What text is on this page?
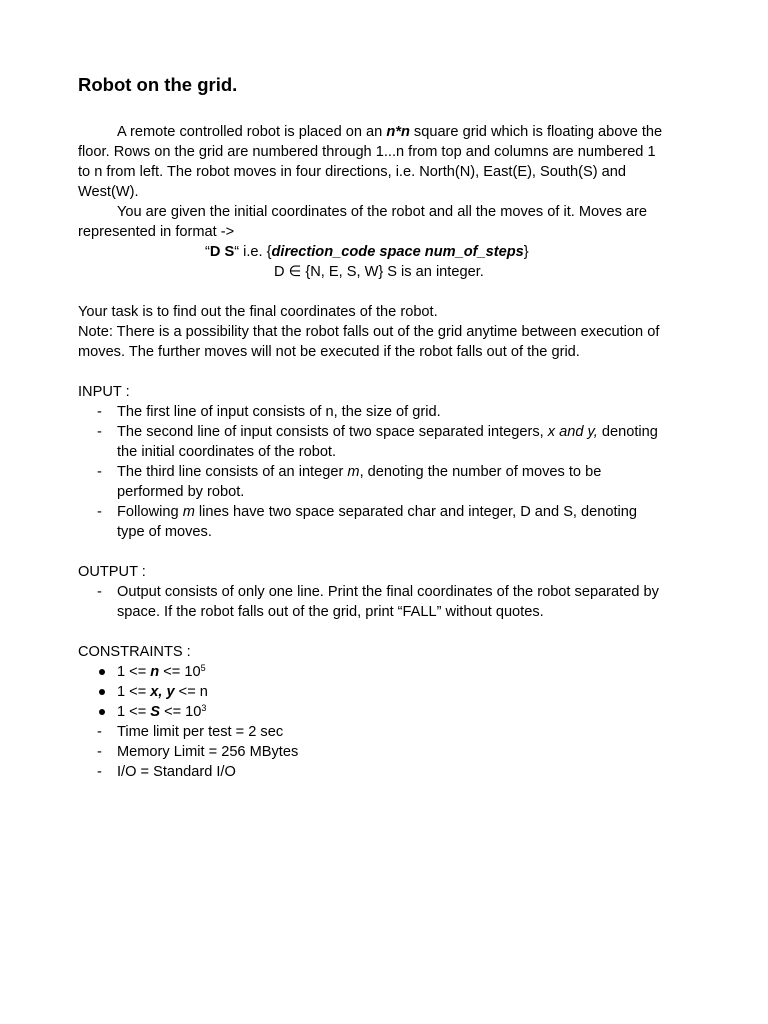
Robot on the grid.
A remote controlled robot is placed on an n*n square grid which is floating above the
floor. Rows on the grid are numbered through 1...n from top and columns are numbered 1
to n from left. The robot moves in four directions, i.e. North(N), East(E), South(S) and
West(W).
You are given the initial coordinates of the robot and all the moves of it. Moves are
represented in format ->
“D S“ i.e. {direction_code space num_of_steps}
D ∈ {N, E, S, W} S is an integer.
Your task is to find out the final coordinates of the robot.
Note: There is a possibility that the robot falls out of the grid anytime between execution of
moves. The further moves will not be executed if the robot falls out of the grid.
INPUT :
- The first line of input consists of n, the size of grid.
- The second line of input consists of two space separated integers, x and y, denoting
the initial coordinates of the robot.
- The third line consists of an integer m, denoting the number of moves to be
performed by robot.
- Following m lines have two space separated char and integer, D and S, denoting
type of moves.
OUTPUT :
- Output consists of only one line. Print the final coordinates of the robot separated by
space. If the robot falls out of the grid, print “FALL” without quotes.
CONSTRAINTS :
$1 <= n <= 10^5$
1 <= x, y <= n
$1 <= S <= 10^3$
- Time limit per test = 2 sec
- Memory Limit = 256 MBytes
- I/O = Standard I/O
